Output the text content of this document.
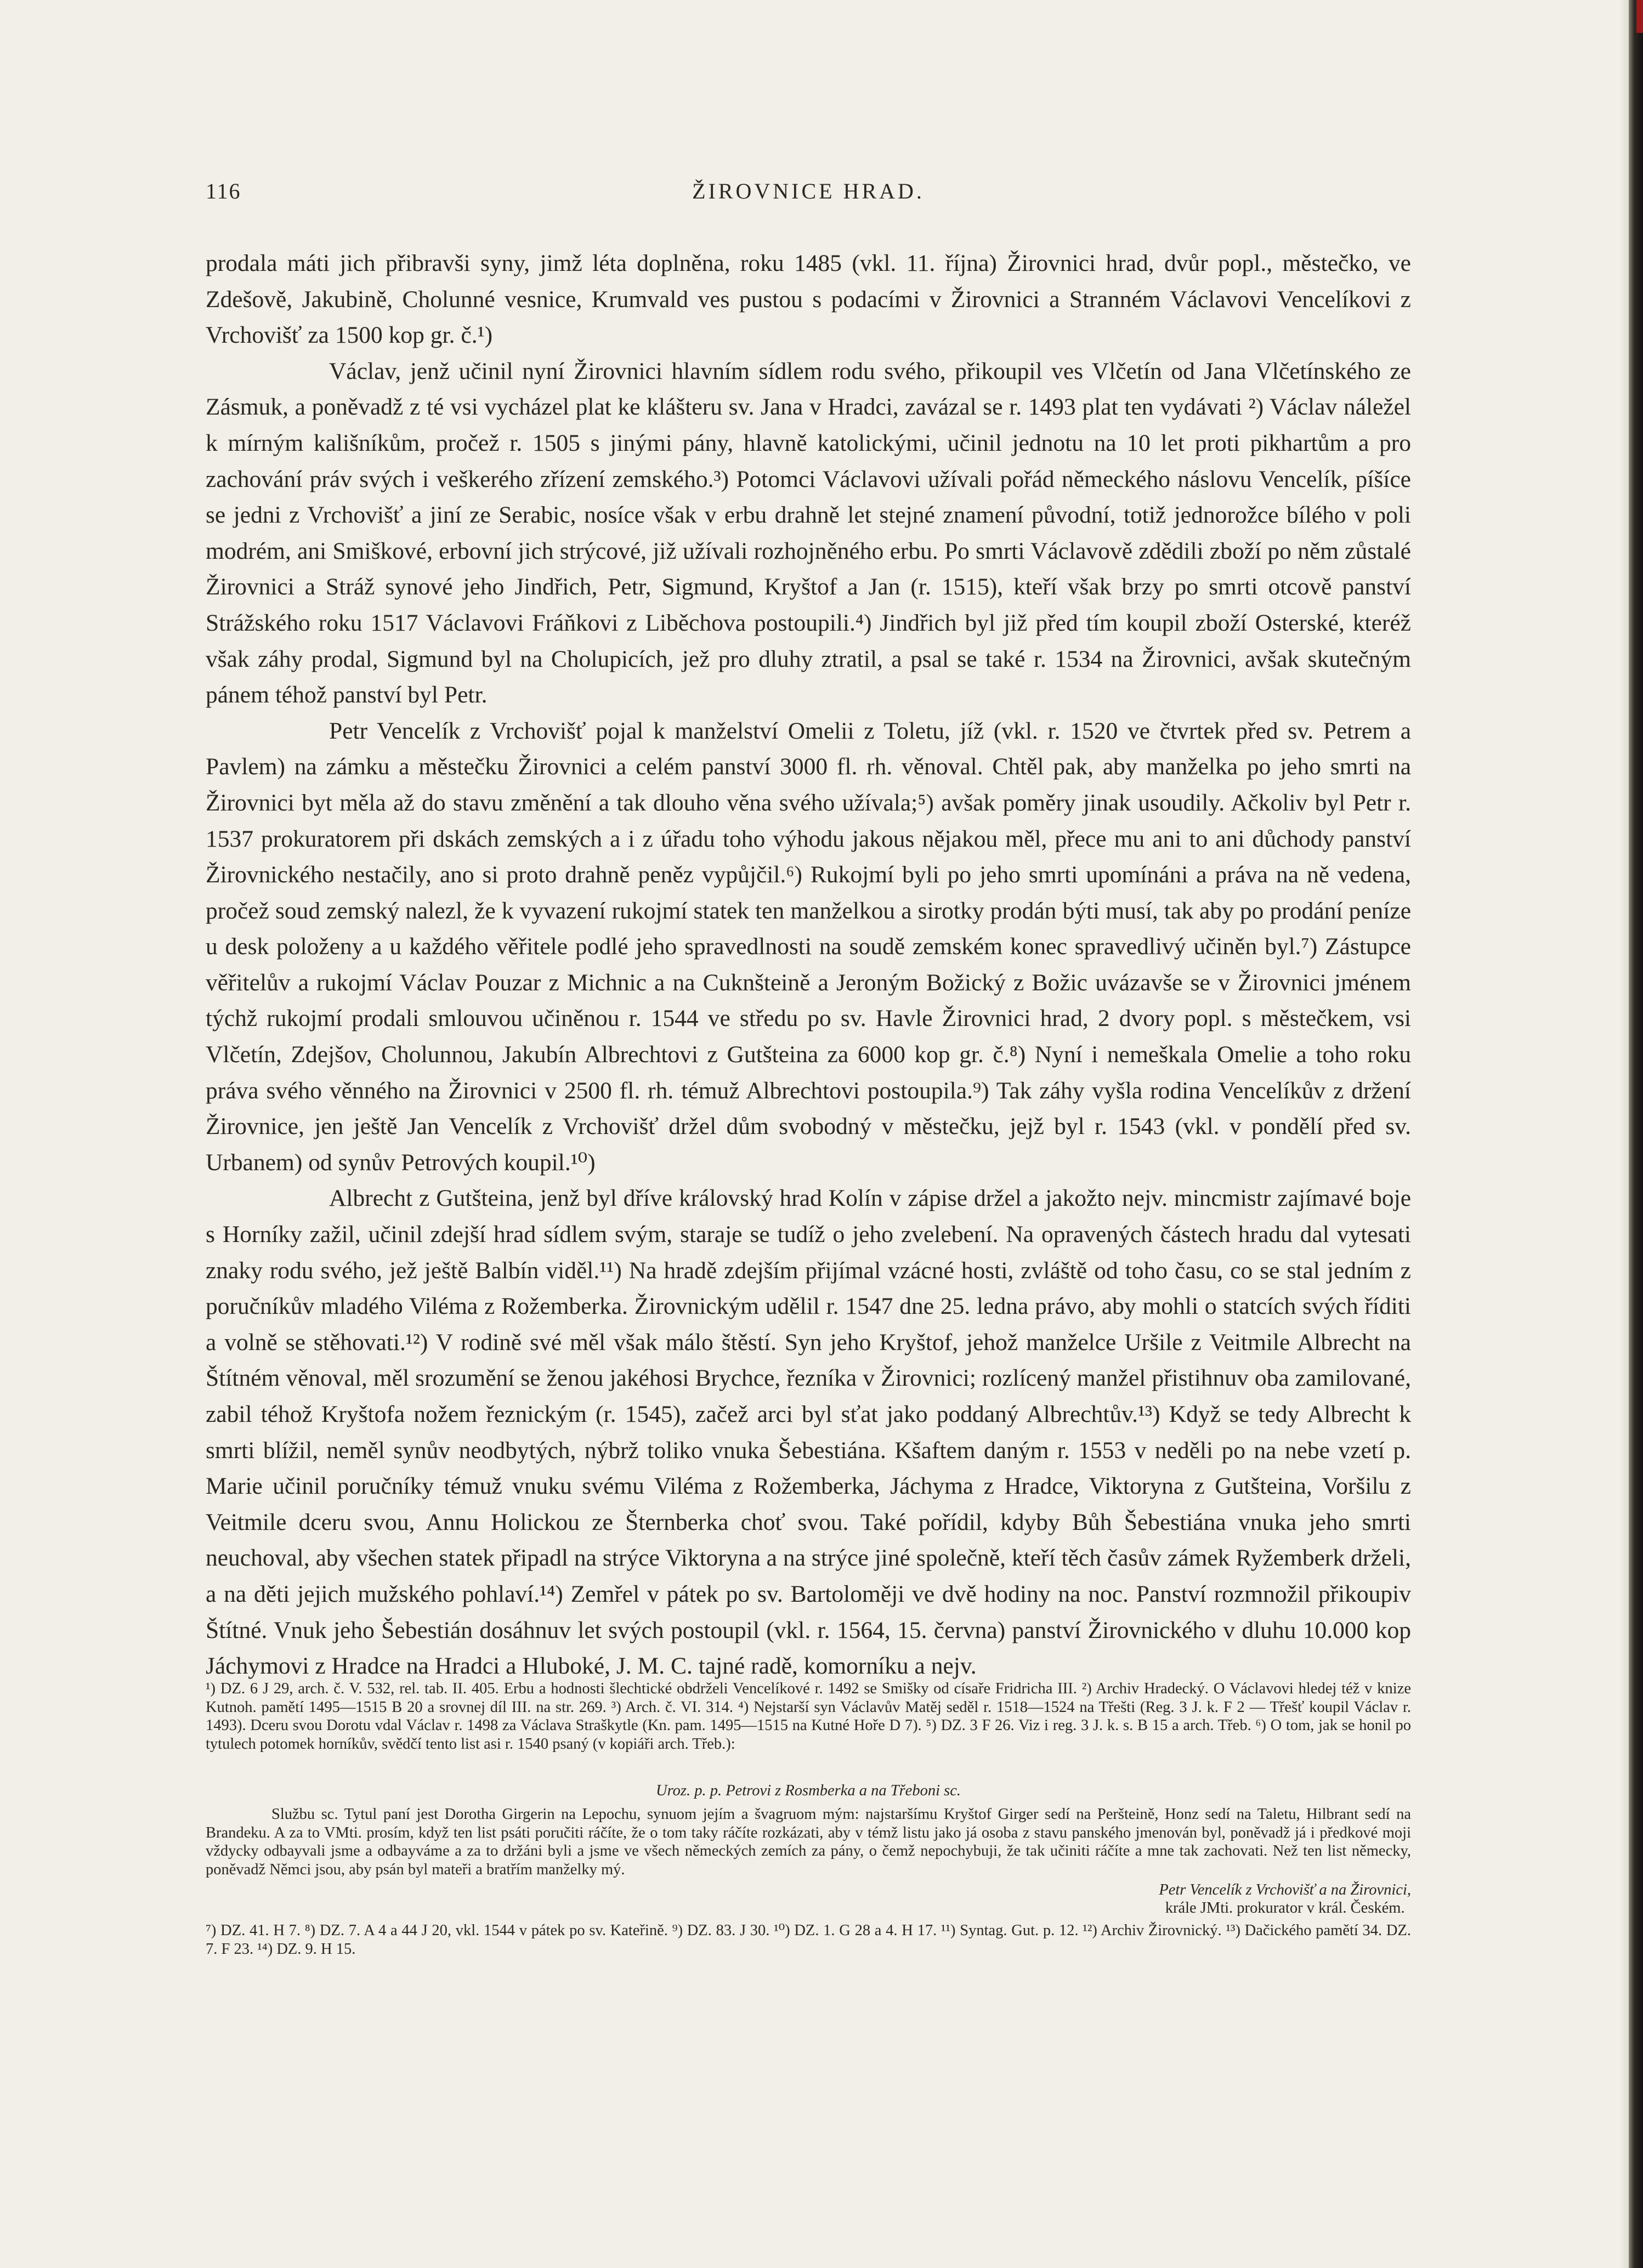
116	ŽIROVNICE HRAD.

prodala máti jich přibravši syny, jimž léta doplněna, roku 1485 (vkl. 11. října) Žirovnici hrad, dvůr popl., městečko, ve Zdešově, Jakubině, Cholunné vesnice, Krumvald ves pustou s podacími v Žirovnici a Stranném Václavovi Vencelíkovi z Vrchovišť za 1500 kop gr. č.¹)

Václav, jenž učinil nyní Žirovnici hlavním sídlem rodu svého, přikoupil ves Vlčetín od Jana Vlčetínského ze Zásmuk, a poněvadž z té vsi vycházel plat ke klášteru sv. Jana v Hradci, zavázal se r. 1493 plat ten vydávati ²) Václav náležel k mírným kališníkům, pročež r. 1505 s jinými pány, hlavně katolickými, učinil jednotu na 10 let proti pikhartům a pro zachování práv svých i veškerého zřízení zemského.³) Potomci Václavovi užívali pořád německého náslovu Vencelík, píšíce se jedni z Vrchovišť a jiní ze Serabic, nosíce však v erbu drahně let stejné znamení původní, totiž jednorožce bílého v poli modrém, ani Smiškové, erbovní jich strýcové, již užívali rozhojněného erbu. Po smrti Václavově zdědili zboží po něm zůstalé Žirovnici a Stráž synové jeho Jindřich, Petr, Sigmund, Kryštof a Jan (r. 1515), kteří však brzy po smrti otcově panství Strážského roku 1517 Václavovi Fráňkovi z Liběchova postoupili.⁴) Jindřich byl již před tím koupil zboží Osterské, kteréž však záhy prodal, Sigmund byl na Cholupicích, jež pro dluhy ztratil, a psal se také r. 1534 na Žirovnici, avšak skutečným pánem téhož panství byl Petr.

Petr Vencelík z Vrchovišť pojal k manželství Omelii z Toletu, jíž (vkl. r. 1520 ve čtvrtek před sv. Petrem a Pavlem) na zámku a městečku Žirovnici a celém panství 3000 fl. rh. věnoval. Chtěl pak, aby manželka po jeho smrti na Žirovnici byt měla až do stavu změnění a tak dlouho věna svého užívala;⁵) avšak poměry jinak usoudily. Ačkoliv byl Petr r. 1537 prokuratorem při dskách zemských a i z úřadu toho výhodu jakous nějakou měl, přece mu ani to ani důchody panství Žirovnického nestačily, ano si proto drahně peněz vypůjčil.⁶) Rukojmí byli po jeho smrti upomínáni a práva na ně vedena, pročež soud zemský nalezl, že k vyvazení rukojmí statek ten manželkou a sirotky prodán býti musí, tak aby po prodání peníze u desk položeny a u každého věřitele podlé jeho spravedlnosti na soudě zemském konec spravedlivý učiněn byl.⁷) Zástupce věřitelův a rukojmí Václav Pouzar z Michnic a na Cuknšteině a Jeroným Božický z Božic uvázavše se v Žirovnici jménem týchž rukojmí prodali smlouvou učiněnou r. 1544 ve středu po sv. Havle Žirovnici hrad, 2 dvory popl. s městečkem, vsi Vlčetín, Zdejšov, Cholunnou, Jakubín Albrechtovi z Gutšteina za 6000 kop gr. č.⁸) Nyní i nemeškala Omelie a toho roku práva svého věnného na Žirovnici v 2500 fl. rh. témuž Albrechtovi postoupila.⁹) Tak záhy vyšla rodina Vencelíkův z držení Žirovnice, jen ještě Jan Vencelík z Vrchovišť držel dům svobodný v městečku, jejž byl r. 1543 (vkl. v pondělí před sv. Urbanem) od synův Petrových koupil.¹⁰)

Albrecht z Gutšteina, jenž byl dříve královský hrad Kolín v zápise držel a jakožto nejv. mincmistr zajímavé boje s Horníky zažil, učinil zdejší hrad sídlem svým, staraje se tudíž o jeho zvelebení. Na opravených částech hradu dal vytesati znaky rodu svého, jež ještě Balbín viděl.¹¹) Na hradě zdejším přijímal vzácné hosti, zvláště od toho času, co se stal jedním z poručníkův mladého Viléma z Rožemberka. Žirovnickým udělil r. 1547 dne 25. ledna právo, aby mohli o statcích svých říditi a volně se stěhovati.¹²) V rodině své měl však málo štěstí. Syn jeho Kryštof, jehož manželce Uršile z Veitmile Albrecht na Štítném věnoval, měl srozumění se ženou jakéhosi Brychce, řezníka v Žirovnici; rozlícený manžel přistihnuv oba zamilované, zabil téhož Kryštofa nožem řeznickým (r. 1545), začež arci byl sťat jako poddaný Albrechtův.¹³) Když se tedy Albrecht k smrti blížil, neměl synův neodbytých, nýbrž toliko vnuka Šebestiána. Kšaftem daným r. 1553 v neděli po na nebe vzetí p. Marie učinil poručníky témuž vnuku svému Viléma z Rožemberka, Jáchyma z Hradce, Viktoryna z Gutšteina, Voršilu z Veitmile dceru svou, Annu Holickou ze Šternberka choť svou. Také pořídil, kdyby Bůh Šebestiána vnuka jeho smrti neuchoval, aby všechen statek připadl na strýce Viktoryna a na strýce jiné společně, kteří těch časův zámek Ryžemberk drželi, a na děti jejich mužského pohlaví.¹⁴) Zemřel v pátek po sv. Bartoloměji ve dvě hodiny na noc. Panství rozmnožil přikoupiv Štítné. Vnuk jeho Šebestián dosáhnuv let svých postoupil (vkl. r. 1564, 15. června) panství Žirovnického v dluhu 10.000 kop Jáchymovi z Hradce na Hradci a Hluboké, J. M. C. tajné radě, komorníku a nejv.

¹) DZ. 6 J 29, arch. č. V. 532, rel. tab. II. 405. Erbu a hodnosti šlechtické obdrželi Vencelíkové r. 1492 se Smišky od císaře Fridricha III. ²) Archiv Hradecký. O Václavovi hledej též v knize Kutnoh. pamětí 1495—1515 B 20 a srovnej díl III. na str. 269. ³) Arch. č. VI. 314. ⁴) Nejstarší syn Václavův Matěj seděl r. 1518—1524 na Třešti (Reg. 3 J. k. F 2 — Třešť koupil Václav r. 1493). Dceru svou Dorotu vdal Václav r. 1498 za Václava Straškytle (Kn. pam. 1495—1515 na Kutné Hoře D 7). ⁵) DZ. 3 F 26. Viz i reg. 3 J. k. s. B 15 a arch. Třeb. ⁶) O tom, jak se honil po tytulech potomek horníkův, svědčí tento list asi r. 1540 psaný (v kopiáři arch. Třeb.):
Uroz. p. p. Petrovi z Rosmberka a na Třeboni sc.

Službu sc. Tytul paní jest Dorotha Girgerin na Lepochu, synuom jejím a švagruom mým: najstaršímu Kryštof Girger sedí na Peršteině, Honz sedí na Taletu, Hilbrant sedí na Brandeku. A za to VMti. prosím, když ten list psáti poručiti ráčíte, že o tom taky ráčíte rozkázati, aby v témž listu jako já osoba z stavu panského jmenován byl, poněvadž já i předkové moji vždycky odbayvali jsme a odbayváme a za to držáni byli a jsme ve všech německých zemích za pány, o čemž nepochybuji, že tak učiniti ráčíte a mne tak zachovati. Než ten list německy, poněvadž Němci jsou, aby psán byl mateři a bratřím manželky mý.

Petr Vencelík z Vrchovišť a na Žirovnici,
krále JMti. prokurator v král. Českém.
⁷) DZ. 41. H 7. ⁸) DZ. 7. A 4 a 44 J 20, vkl. 1544 v pátek po sv. Kateřině. ⁹) DZ. 83. J 30. ¹⁰) DZ. 1. G 28 a 4. H 17. ¹¹) Syntag. Gut. p. 12. ¹²) Archiv Žirovnický. ¹³) Dačického pamětí 34. DZ. 7. F 23. ¹⁴) DZ. 9. H 15.
